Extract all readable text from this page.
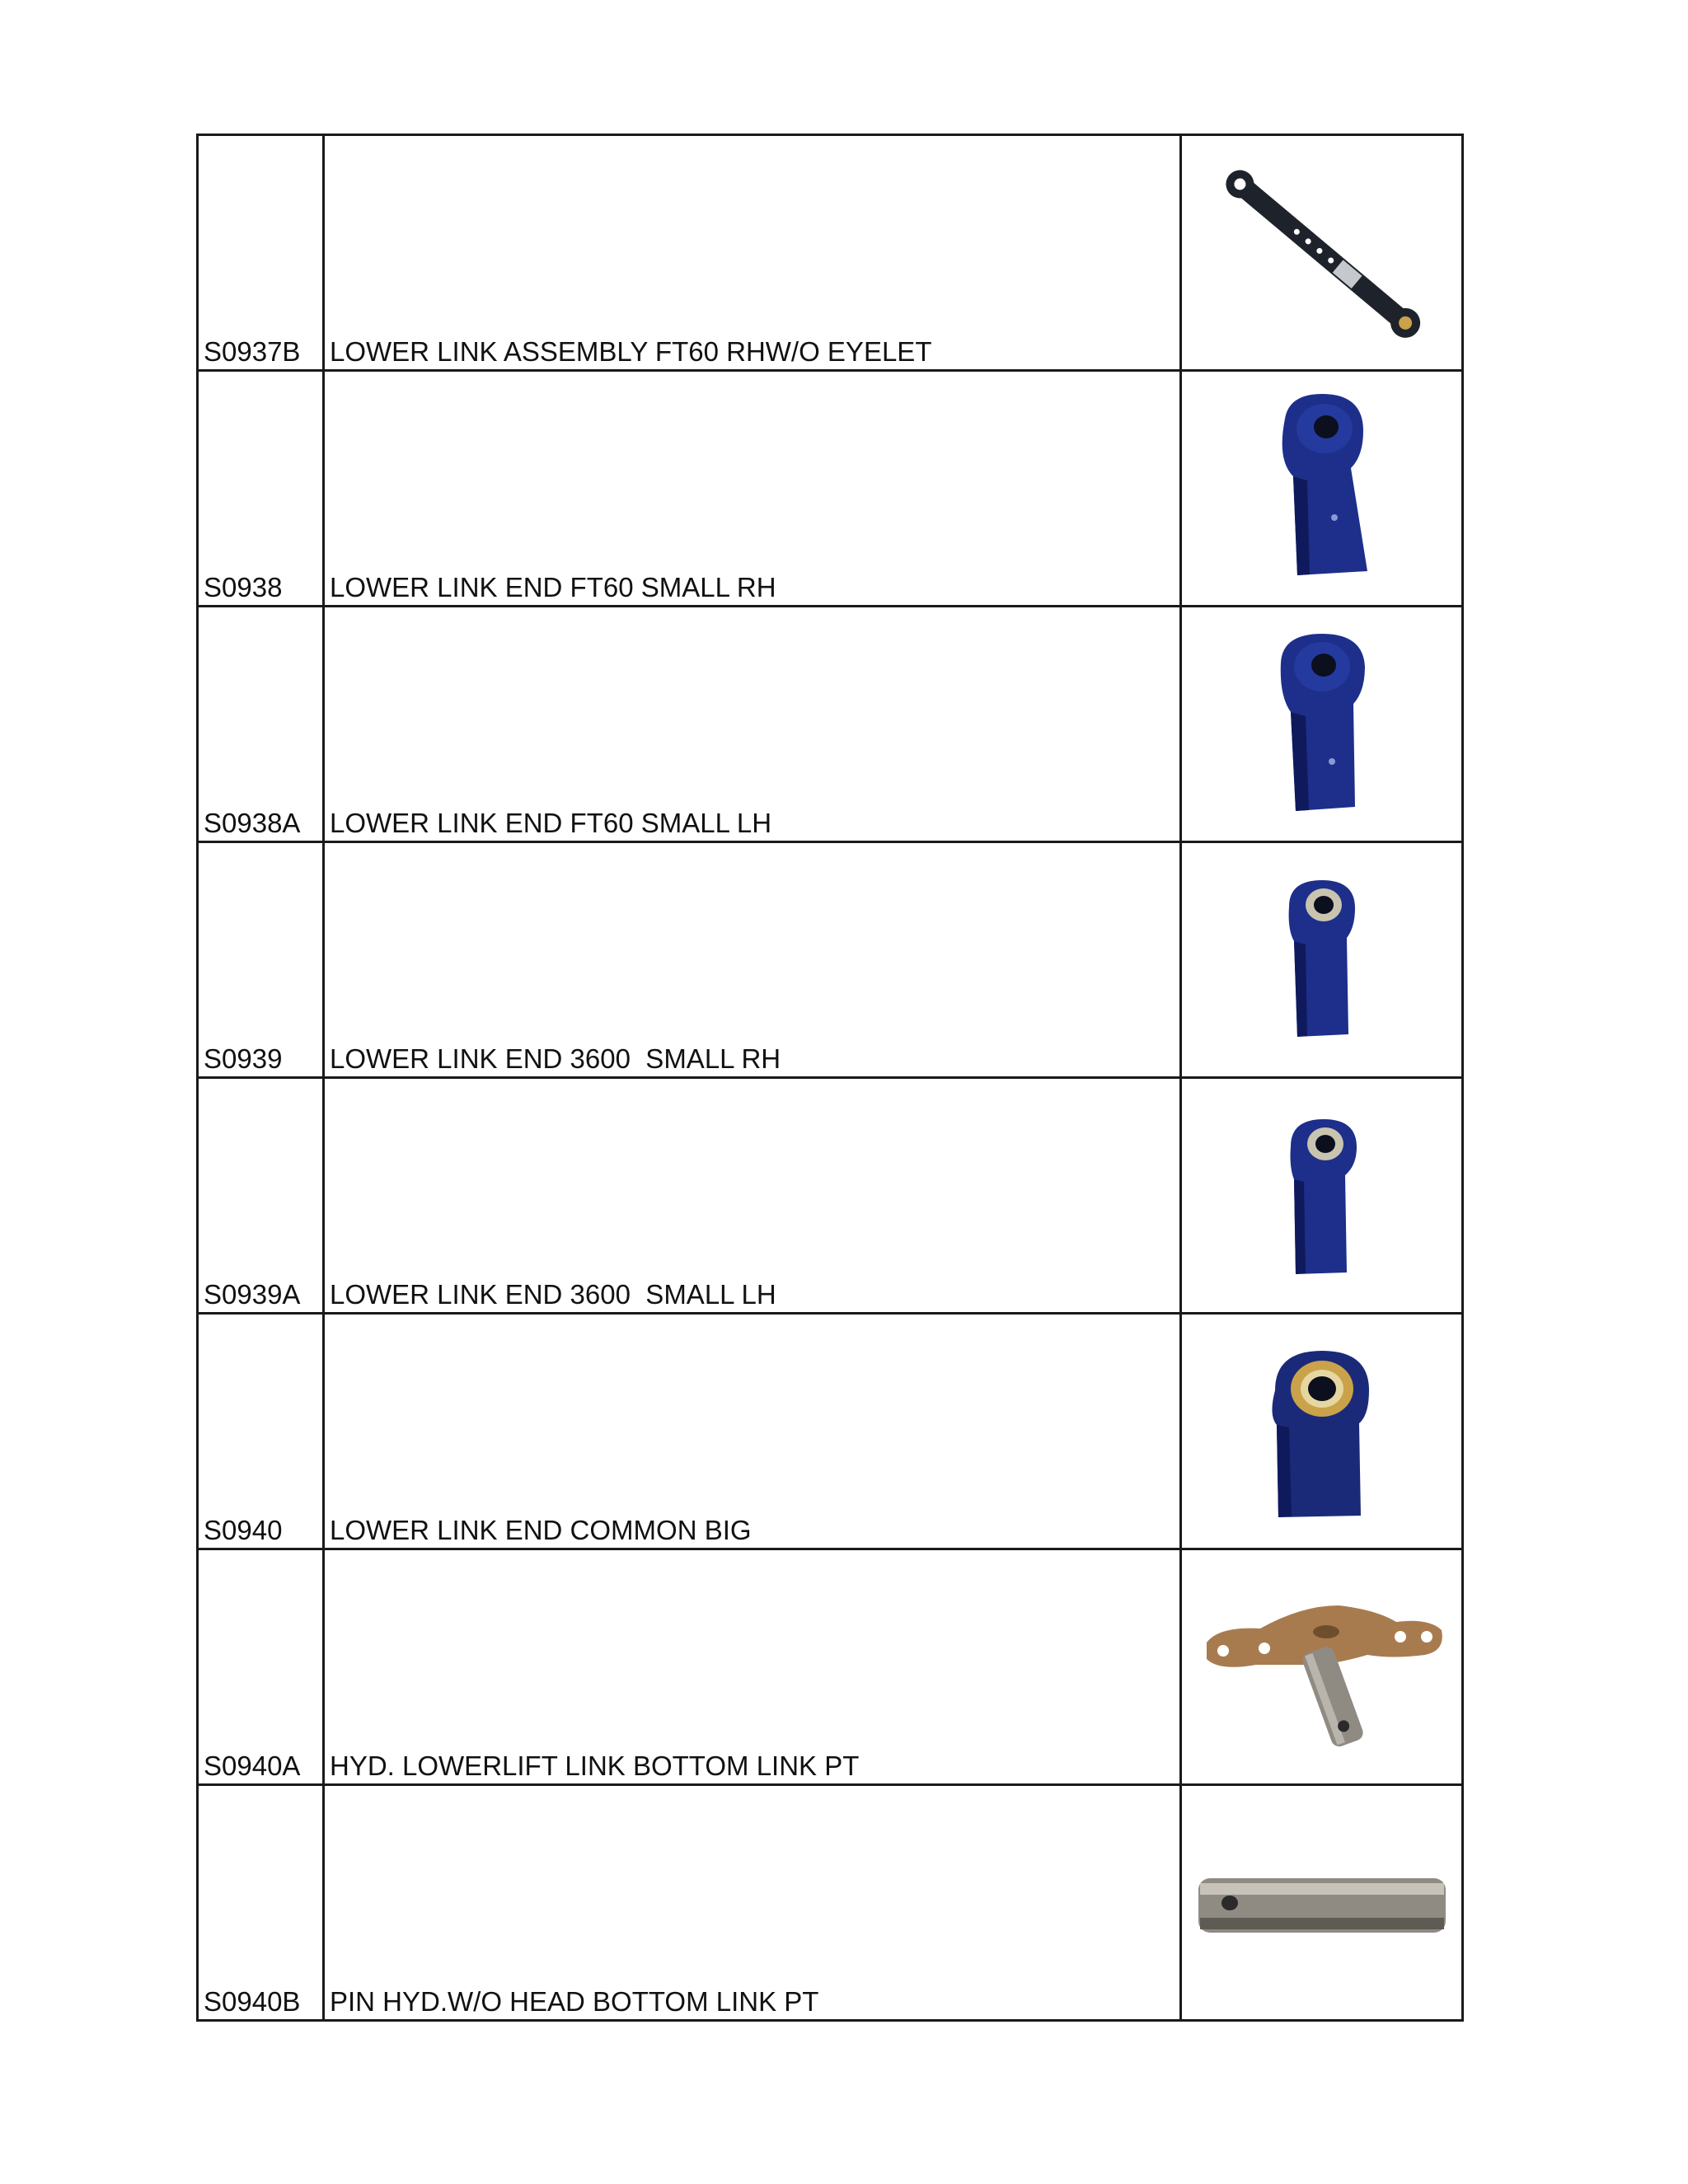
S0937B	LOWER LINK ASSEMBLY FT60 RHW/O EYELET

S0938	LOWER LINK END FT60 SMALL RH

S0938A	LOWER LINK END FT60 SMALL LH

S0939	LOWER LINK END 3600  SMALL RH

S0939A	LOWER LINK END 3600  SMALL LH

S0940	LOWER LINK END COMMON BIG

S0940A	HYD. LOWERLIFT LINK BOTTOM LINK PT

S0940B	PIN HYD.W/O HEAD BOTTOM LINK PT
